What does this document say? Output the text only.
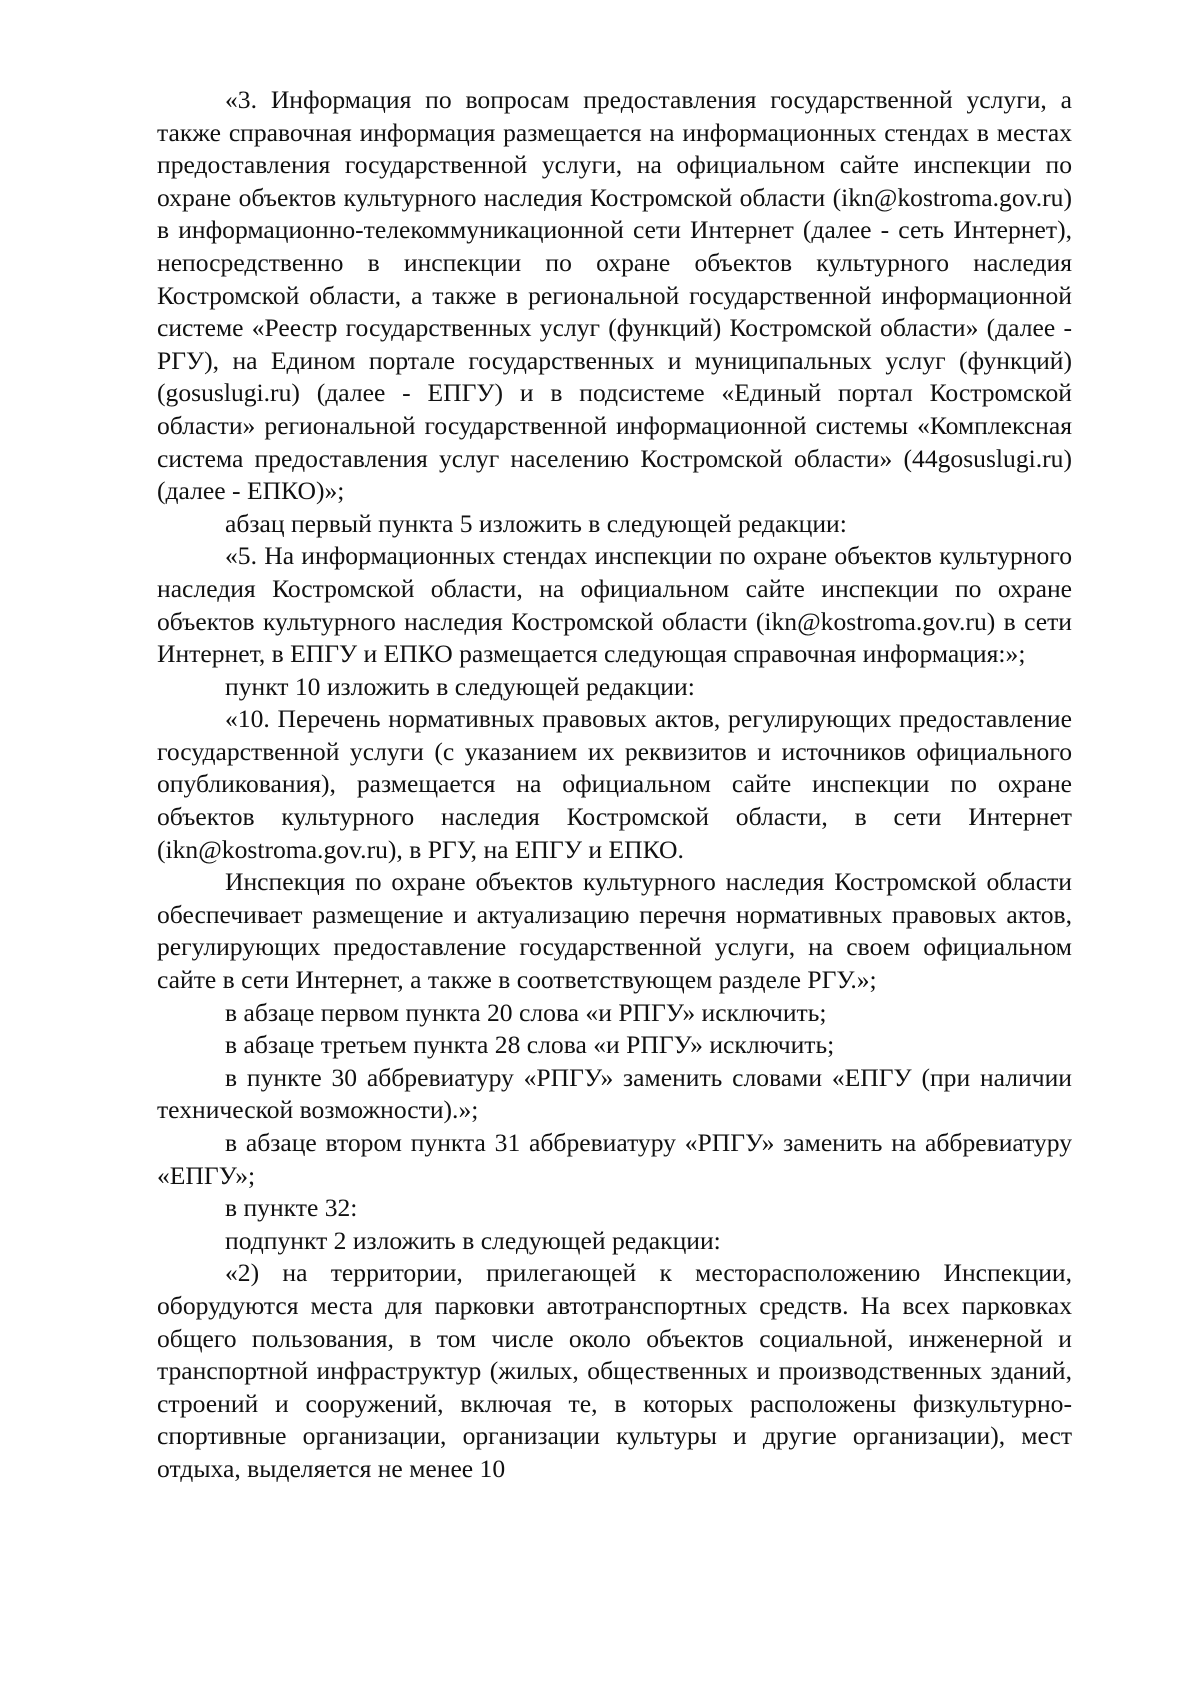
«3. Информация по вопросам предоставления государственной услуги, а также справочная информация размещается на информационных стендах в местах предоставления государственной услуги, на официальном сайте инспекции по охране объектов культурного наследия Костромской области (ikn@kostroma.gov.ru) в информационно-телекоммуникационной сети Интернет (далее - сеть Интернет), непосредственно в инспекции по охране объектов культурного наследия Костромской области, а также в региональной государственной информационной системе «Реестр государственных услуг (функций) Костромской области» (далее - РГУ), на Едином портале государственных и муниципальных услуг (функций) (gosuslugi.ru) (далее - ЕПГУ) и в подсистеме «Единый портал Костромской области» региональной государственной информационной системы «Комплексная система предоставления услуг населению Костромской области» (44gosuslugi.ru) (далее - ЕПКО)»;

абзац первый пункта 5 изложить в следующей редакции:

«5. На информационных стендах инспекции по охране объектов культурного наследия Костромской области, на официальном сайте инспекции по охране объектов культурного наследия Костромской области (ikn@kostroma.gov.ru) в сети Интернет, в ЕПГУ и ЕПКО размещается следующая справочная информация:»;

пункт 10 изложить в следующей редакции:

«10. Перечень нормативных правовых актов, регулирующих предоставление государственной услуги (с указанием их реквизитов и источников официального опубликования), размещается на официальном сайте инспекции по охране объектов культурного наследия Костромской области, в сети Интернет (ikn@kostroma.gov.ru), в РГУ, на ЕПГУ и ЕПКО.

Инспекция по охране объектов культурного наследия Костромской области обеспечивает размещение и актуализацию перечня нормативных правовых актов, регулирующих предоставление государственной услуги, на своем официальном сайте в сети Интернет, а также в соответствующем разделе РГУ.»;

в абзаце первом пункта 20 слова «и РПГУ» исключить;

в абзаце третьем пункта 28 слова «и РПГУ» исключить;

в пункте 30 аббревиатуру «РПГУ» заменить словами «ЕПГУ (при наличии технической возможности).»;

в абзаце втором пункта 31 аббревиатуру «РПГУ» заменить на аббревиатуру «ЕПГУ»;

в пункте 32:

подпункт 2 изложить в следующей редакции:

«2) на территории, прилегающей к месторасположению Инспекции, оборудуются места для парковки автотранспортных средств. На всех парковках общего пользования, в том числе около объектов социальной, инженерной и транспортной инфраструктур (жилых, общественных и производственных зданий, строений и сооружений, включая те, в которых расположены физкультурно-спортивные организации, организации культуры и другие организации), мест отдыха, выделяется не менее 10
